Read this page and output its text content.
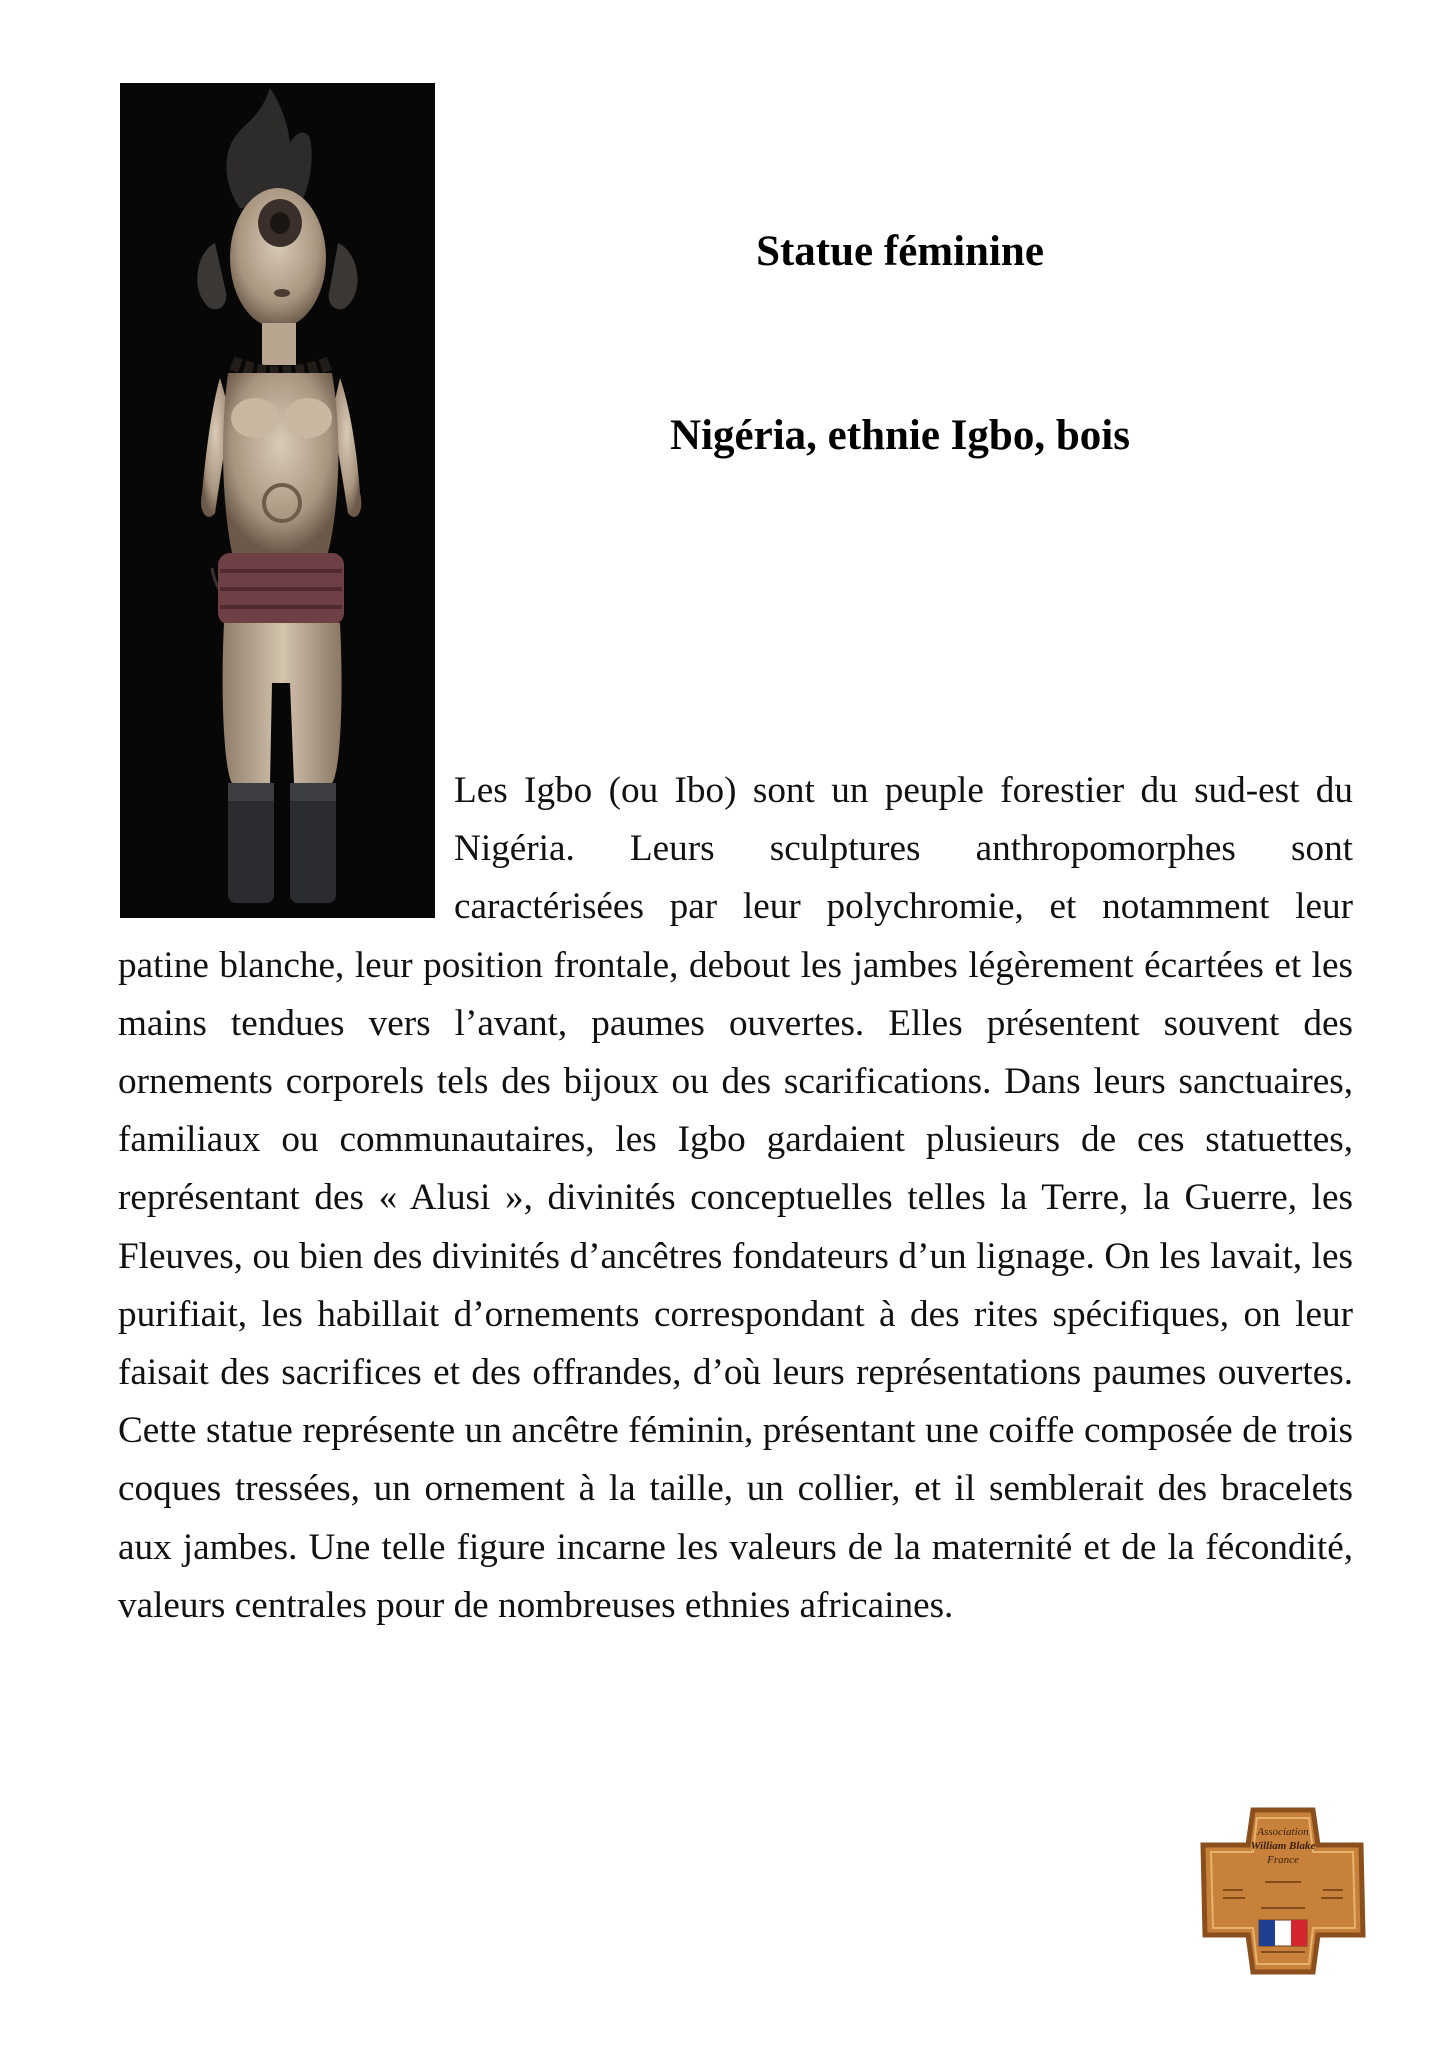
Statue féminine
Nigéria, ethnie Igbo, bois
Les Igbo (ou Ibo) sont un peuple forestier du sud-est du Nigéria. Leurs sculptures anthropomorphes sont caractérisées par leur polychromie, et notamment leur patine blanche, leur position frontale, debout les jambes légèrement écartées et les mains tendues vers l’avant, paumes ouvertes. Elles présentent souvent des ornements corporels tels des bijoux ou des scarifications. Dans leurs sanctuaires, familiaux ou communautaires, les Igbo gardaient plusieurs de ces statuettes, représentant des « Alusi », divinités conceptuelles telles la Terre, la Guerre, les Fleuves, ou bien des divinités d’ancêtres fondateurs d’un lignage. On les lavait, les purifiait, les habillait d’ornements correspondant à des rites spécifiques, on leur faisait des sacrifices et des offrandes, d’où leurs représentations paumes ouvertes. Cette statue représente un ancêtre féminin, présentant une coiffe composée de trois coques tressées, un ornement à la taille, un collier, et il semblerait des bracelets aux jambes. Une telle figure incarne les valeurs de la maternité et de la fécondité, valeurs centrales pour de nombreuses ethnies africaines.
Association
William Blake
France
